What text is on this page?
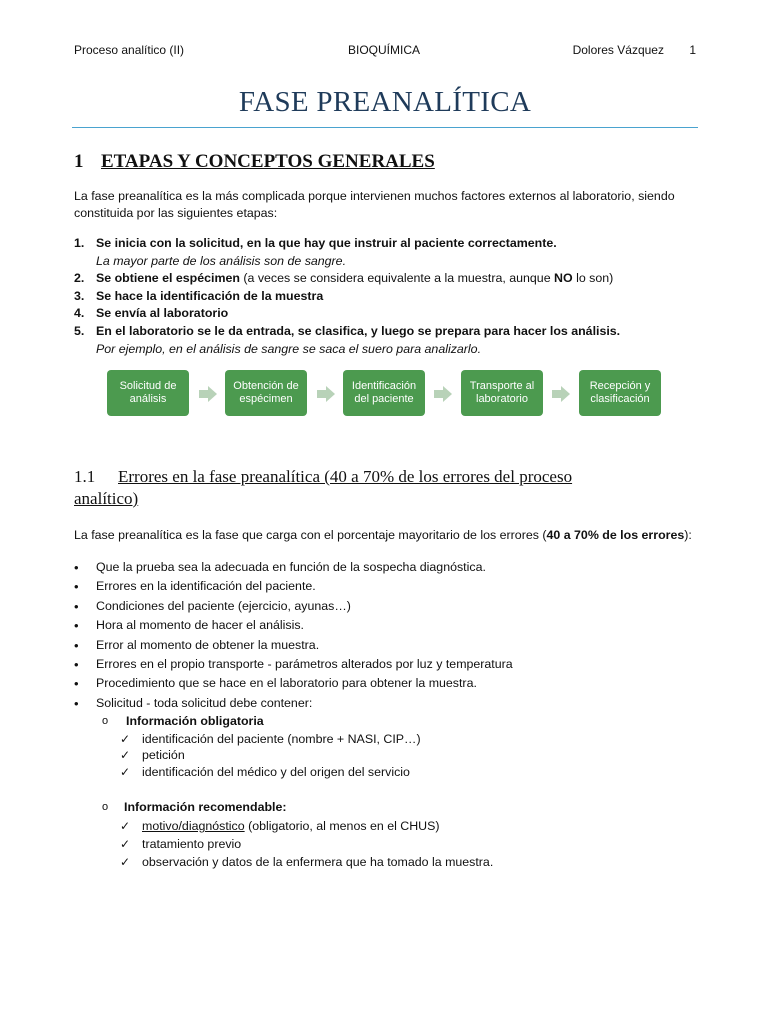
Proceso analítico (II)	BIOQUÍMICA	Dolores Vázquez 1
FASE PREANALÍTICA
1 ETAPAS Y CONCEPTOS GENERALES
La fase preanalítica es la más complicada porque intervienen muchos factores externos al laboratorio, siendo
constituida por las siguientes etapas:
1. Se inicia con la solicitud, en la que hay que instruir al paciente correctamente.
La mayor parte de los análisis son de sangre.
2. Se obtiene el espécimen (a veces se considera equivalente a la muestra, aunque NO lo son)
3. Se hace la identificación de la muestra
4. Se envía al laboratorio
5. En el laboratorio se le da entrada, se clasifica, y luego se prepara para hacer los análisis.
Por ejemplo, en el análisis de sangre se saca el suero para analizarlo.
Solicitud de
análisis
Obtención de
espécimen
Identificación
del paciente
Transporte al
laboratorio
Recepción y
clasificación
1.1 Errores en la fase preanalítica (40 a 70% de los errores del proceso
analítico)
La fase preanalítica es la fase que carga con el porcentaje mayoritario de los errores (40 a 70% de los errores):
• Que la prueba sea la adecuada en función de la sospecha diagnóstica.
• Errores en la identificación del paciente.
• Condiciones del paciente (ejercicio, ayunas…)
• Hora al momento de hacer el análisis.
• Error al momento de obtener la muestra.
• Errores en el propio transporte - parámetros alterados por luz y temperatura
• Procedimiento que se hace en el laboratorio para obtener la muestra.
• Solicitud - toda solicitud debe contener:
o Información obligatoria
✓ identificación del paciente (nombre + NASI, CIP…)
✓ petición
✓ identificación del médico y del origen del servicio
o Información recomendable:
✓ motivo/diagnóstico (obligatorio, al menos en el CHUS)
✓ tratamiento previo
✓ observación y datos de la enfermera que ha tomado la muestra.
